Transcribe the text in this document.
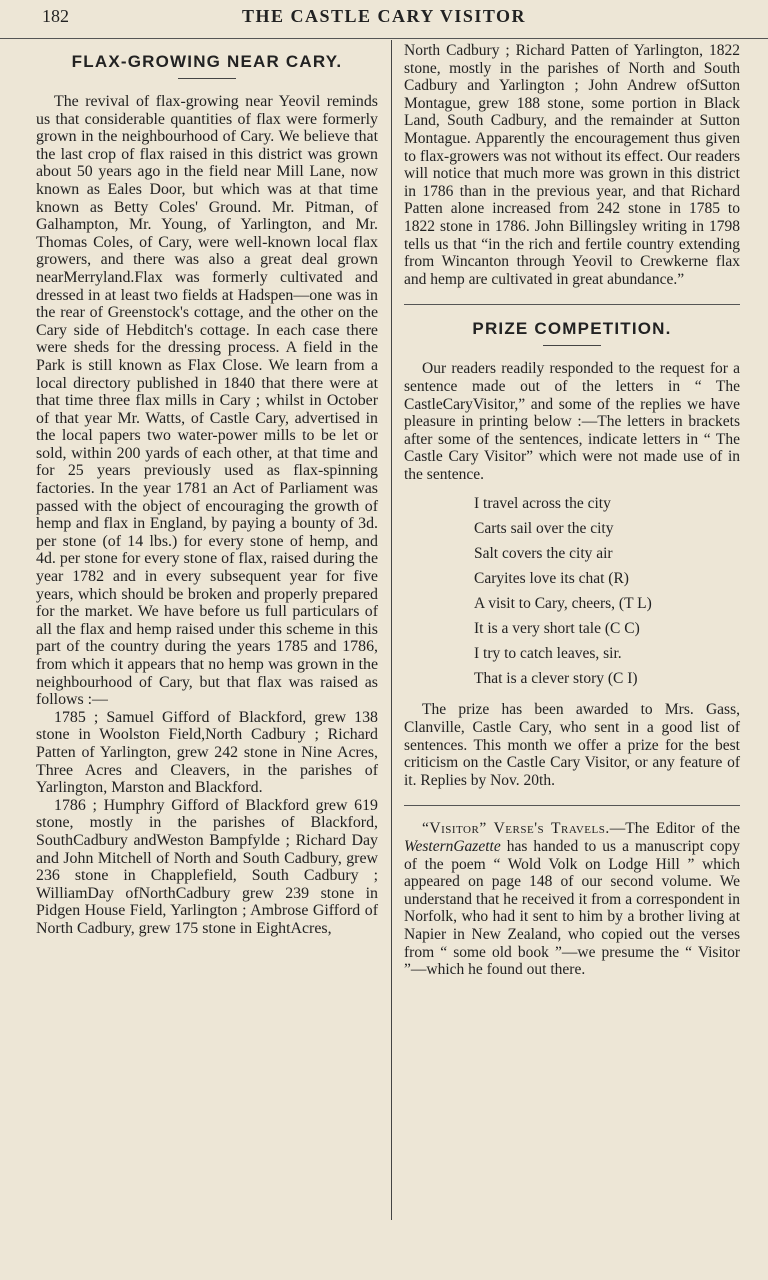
182	THE CASTLE CARY VISITOR
FLAX-GROWING NEAR CARY.

The revival of flax-growing near Yeovil reminds us that considerable quantities of flax were formerly grown in the neighbourhood of Cary. We believe that the last crop of flax raised in this district was grown about 50 years ago in the field near Mill Lane, now known as Eales Door, but which was at that time known as Betty Coles' Ground. Mr. Pitman, of Galhampton, Mr. Young, of Yarlington, and Mr. Thomas Coles, of Cary, were well-known local flax growers, and there was also a great deal grown nearMerryland.Flax was formerly cultivated and dressed in at least two fields at Hadspen—one was in the rear of Greenstock's cottage, and the other on the Cary side of Hebditch's cottage. In each case there were sheds for the dressing process. A field in the Park is still known as Flax Close. We learn from a local directory published in 1840 that there were at that time three flax mills in Cary ; whilst in October of that year Mr. Watts, of Castle Cary, advertised in the local papers two water-power mills to be let or sold, within 200 yards of each other, at that time and for 25 years previously used as flax-spinning factories. In the year 1781 an Act of Parliament was passed with the object of encouraging the growth of hemp and flax in England, by paying a bounty of 3d. per stone (of 14 lbs.) for every stone of hemp, and 4d. per stone for every stone of flax, raised during the year 1782 and in every subsequent year for five years, which should be broken and properly prepared for the market. We have before us full particulars of all the flax and hemp raised under this scheme in this part of the country during the years 1785 and 1786, from which it appears that no hemp was grown in the neighbourhood of Cary, but that flax was raised as follows :—

1785 ; Samuel Gifford of Blackford, grew 138 stone in Woolston Field,North Cadbury ; Richard Patten of Yarlington, grew 242 stone in Nine Acres, Three Acres and Cleavers, in the parishes of Yarlington, Marston and Blackford.

1786 ; Humphry Gifford of Blackford grew 619 stone, mostly in the parishes of Blackford, SouthCadbury andWeston Bampfylde ; Richard Day and John Mitchell of North and South Cadbury, grew 236 stone in Chapplefield, South Cadbury ; WilliamDay ofNorthCadbury grew 239 stone in Pidgen House Field, Yarlington ; Ambrose Gifford of North Cadbury, grew 175 stone in EightAcres,

North Cadbury ; Richard Patten of Yarlington, 1822 stone, mostly in the parishes of North and South Cadbury and Yarlington ; John Andrew ofSutton Montague, grew 188 stone, some portion in Black Land, South Cadbury, and the remainder at Sutton Montague. Apparently the encouragement thus given to flax-growers was not without its effect. Our readers will notice that much more was grown in this district in 1786 than in the previous year, and that Richard Patten alone increased from 242 stone in 1785 to 1822 stone in 1786. John Billingsley writing in 1798 tells us that “in the rich and fertile country extending from Wincanton through Yeovil to Crewkerne flax and hemp are cultivated in great abundance.”

PRIZE COMPETITION.

Our readers readily responded to the request for a sentence made out of the letters in “ The CastleCaryVisitor,” and some of the replies we have pleasure in printing below :—The letters in brackets after some of the sentences, indicate letters in “ The Castle Cary Visitor” which were not made use of in the sentence.

I travel across the city
Carts sail over the city
Salt covers the city air
Caryites love its chat (R)
A visit to Cary, cheers, (T L)
It is a very short tale (C C)
I try to catch leaves, sir.
That is a clever story (C I)

The prize has been awarded to Mrs. Gass, Clanville, Castle Cary, who sent in a good list of sentences. This month we offer a prize for the best criticism on the Castle Cary Visitor, or any feature of it. Replies by Nov. 20th.

“Visitor” Verse's Travels.—The Editor of the WesternGazette has handed to us a manuscript copy of the poem “ Wold Volk on Lodge Hill ” which appeared on page 148 of our second volume. We understand that he received it from a correspondent in Norfolk, who had it sent to him by a brother living at Napier in New Zealand, who copied out the verses from “ some old book ”—we presume the “ Visitor ”—which he found out there.
